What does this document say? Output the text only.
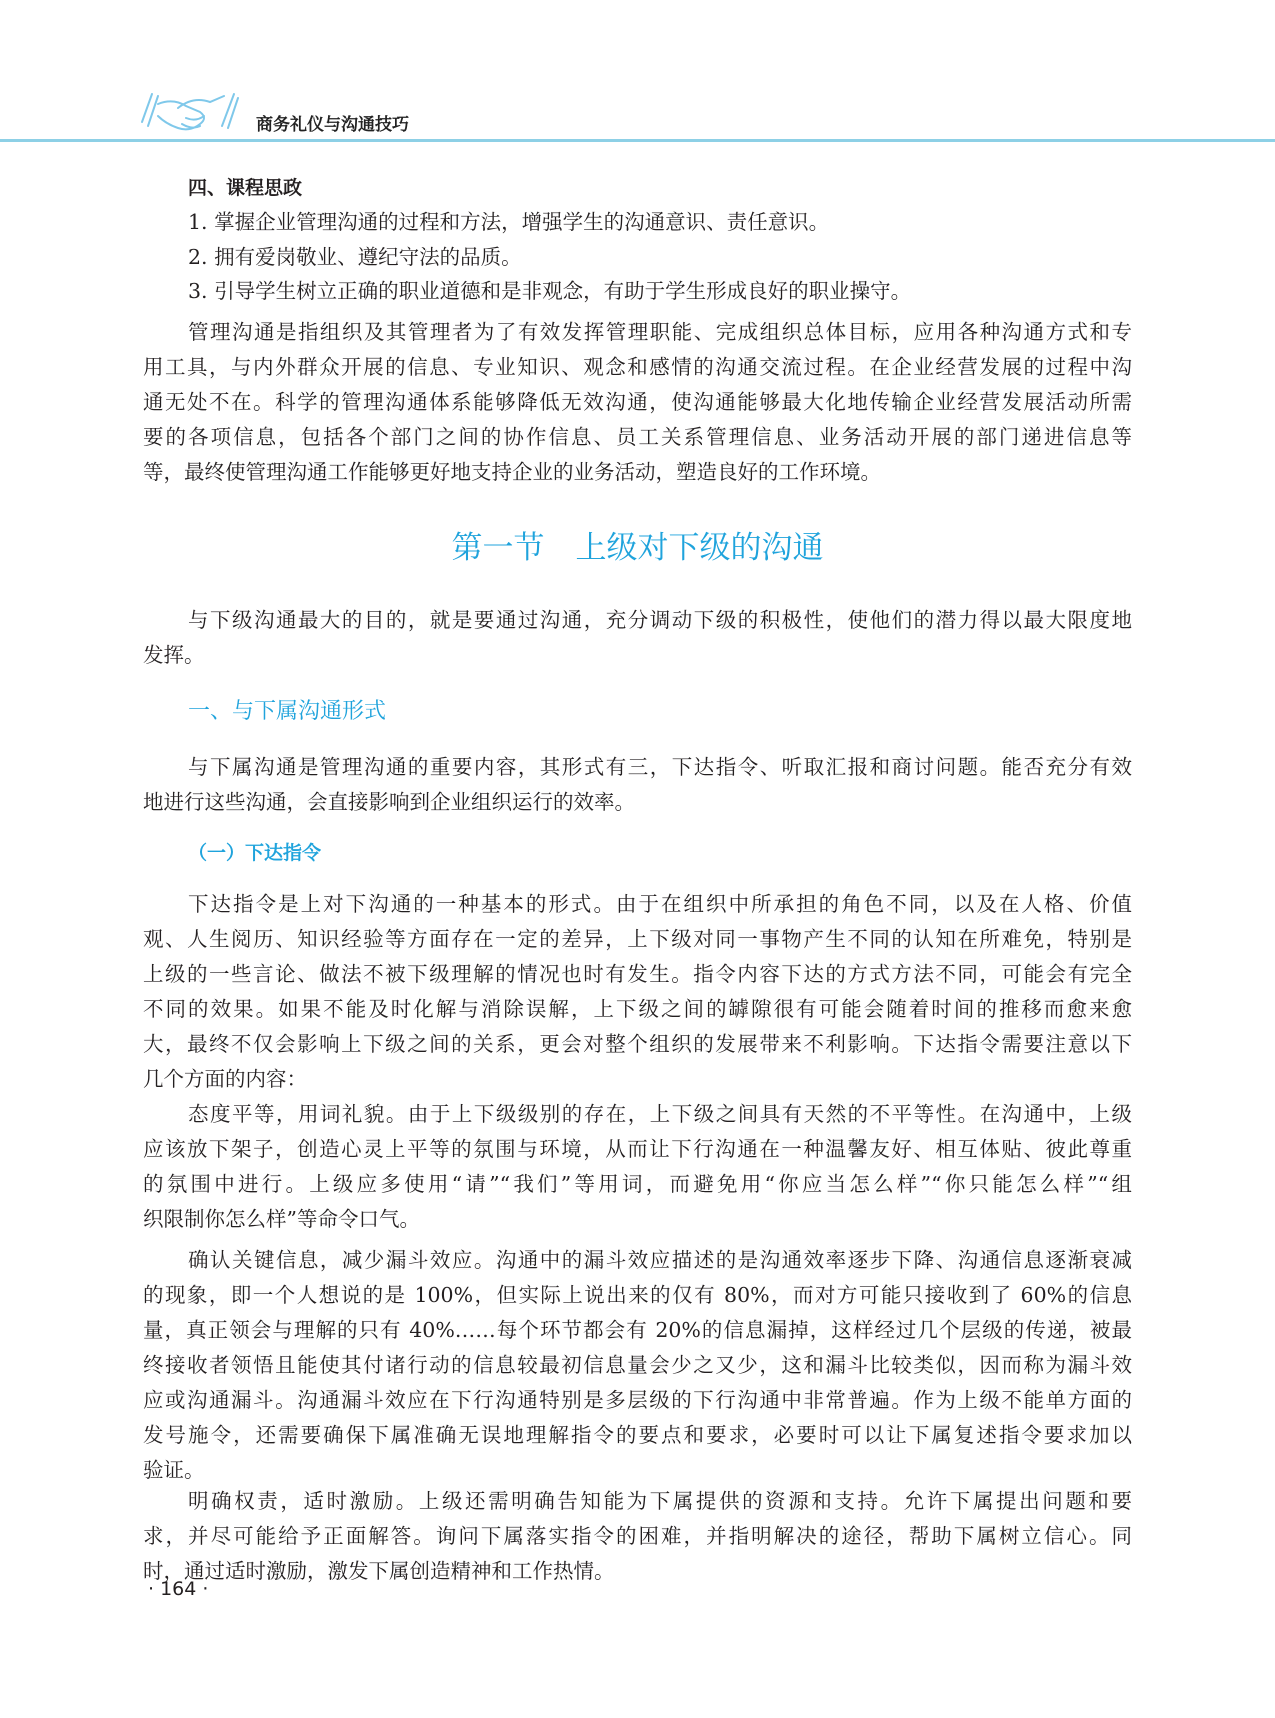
商务礼仪与沟通技巧
四、课程思政
1. 掌握企业管理沟通的过程和方法，增强学生的沟通意识、责任意识。
2. 拥有爱岗敬业、遵纪守法的品质。
3. 引导学生树立正确的职业道德和是非观念，有助于学生形成良好的职业操守。
第一节　上级对下级的沟通
一、与下属沟通形式
（一）下达指令
管理沟通是指组织及其管理者为了有效发挥管理职能、完成组织总体目标，应用各种沟通方式和专
用工具，与内外群众开展的信息、专业知识、观念和感情的沟通交流过程。在企业经营发展的过程中沟
通无处不在。科学的管理沟通体系能够降低无效沟通，使沟通能够最大化地传输企业经营发展活动所需
要的各项信息，包括各个部门之间的协作信息、员工关系管理信息、业务活动开展的部门递进信息等
等，最终使管理沟通工作能够更好地支持企业的业务活动，塑造良好的工作环境。
与下级沟通最大的目的，就是要通过沟通，充分调动下级的积极性，使他们的潜力得以最大限度地
发挥。
与下属沟通是管理沟通的重要内容，其形式有三，下达指令、听取汇报和商讨问题。能否充分有效
地进行这些沟通，会直接影响到企业组织运行的效率。
下达指令是上对下沟通的一种基本的形式。由于在组织中所承担的角色不同，以及在人格、价值
观、人生阅历、知识经验等方面存在一定的差异，上下级对同一事物产生不同的认知在所难免，特别是
上级的一些言论、做法不被下级理解的情况也时有发生。指令内容下达的方式方法不同，可能会有完全
不同的效果。如果不能及时化解与消除误解，上下级之间的罅隙很有可能会随着时间的推移而愈来愈
大，最终不仅会影响上下级之间的关系，更会对整个组织的发展带来不利影响。下达指令需要注意以下
几个方面的内容：
态度平等，用词礼貌。由于上下级级别的存在，上下级之间具有天然的不平等性。在沟通中，上级
应该放下架子，创造心灵上平等的氛围与环境，从而让下行沟通在一种温馨友好、相互体贴、彼此尊重
的氛围中进行。上级应多使用“请”“我们”等用词，而避免用“你应当怎么样”“你只能怎么样”“组
织限制你怎么样”等命令口气。
确认关键信息，减少漏斗效应。沟通中的漏斗效应描述的是沟通效率逐步下降、沟通信息逐渐衰减
的现象，即一个人想说的是 100%，但实际上说出来的仅有 80%，而对方可能只接收到了 60%的信息
量，真正领会与理解的只有 40%……每个环节都会有 20%的信息漏掉，这样经过几个层级的传递，被最
终接收者领悟且能使其付诸行动的信息较最初信息量会少之又少，这和漏斗比较类似，因而称为漏斗效
应或沟通漏斗。沟通漏斗效应在下行沟通特别是多层级的下行沟通中非常普遍。作为上级不能单方面的
发号施令，还需要确保下属准确无误地理解指令的要点和要求，必要时可以让下属复述指令要求加以
验证。
明确权责，适时激励。上级还需明确告知能为下属提供的资源和支持。允许下属提出问题和要
求，并尽可能给予正面解答。询问下属落实指令的困难，并指明解决的途径，帮助下属树立信心。同
时，通过适时激励，激发下属创造精神和工作热情。
· 164 ·
